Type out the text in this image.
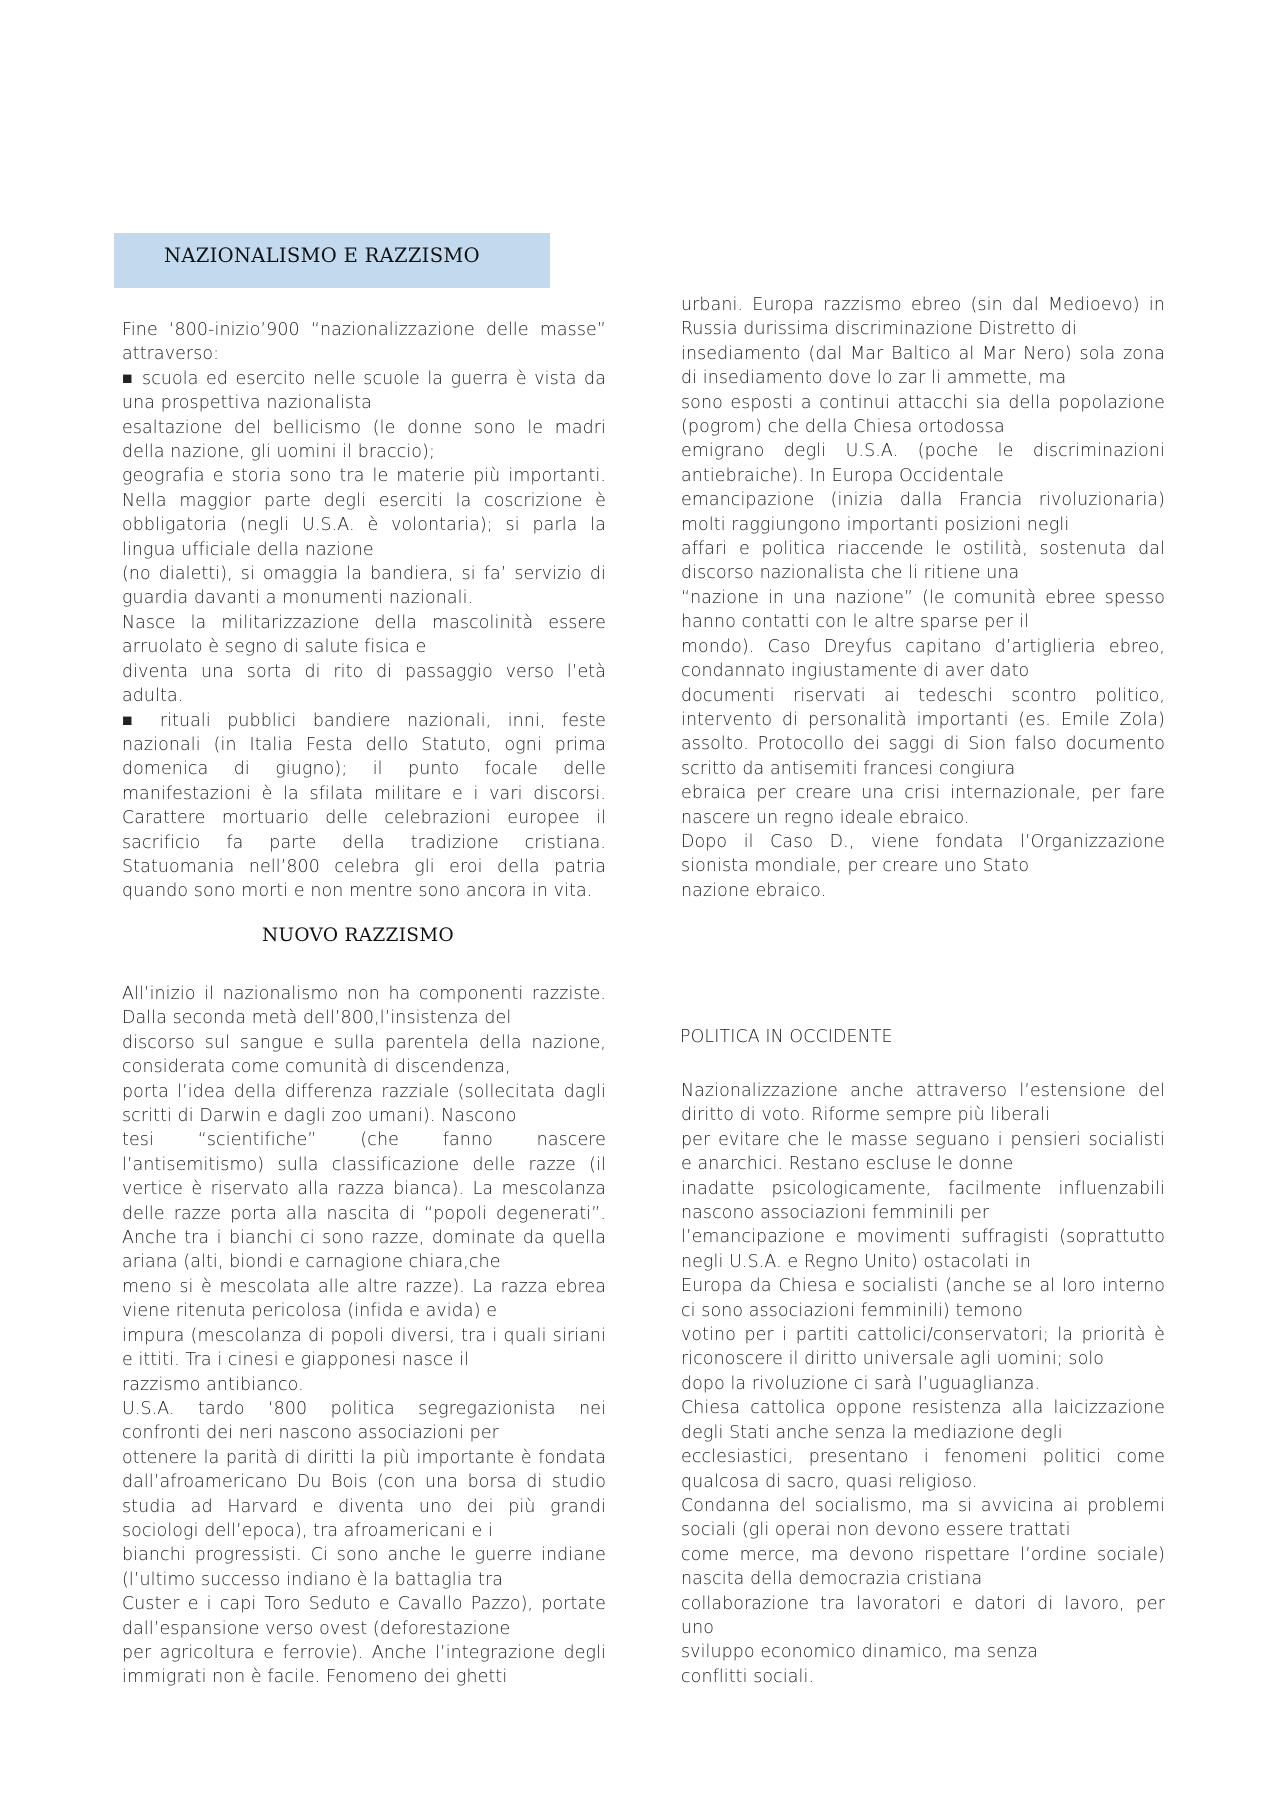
NAZIONALISMO E RAZZISMO

Fine ‘800-inizio’900 “nazionalizzazione delle masse”

attraverso:

■ scuola ed esercito nelle scuole la guerra è vista da

una prospettiva nazionalista

esaltazione del bellicismo (le donne sono le madri

della nazione, gli uomini il braccio);

geografia e storia sono tra le materie più importanti.

Nella maggior parte degli eserciti la coscrizione è

obbligatoria (negli U.S.A. è volontaria); si parla la

lingua ufficiale della nazione

(no dialetti), si omaggia la bandiera, si fa’ servizio di

guardia davanti a monumenti nazionali.

Nasce la militarizzazione della mascolinità essere

arruolato è segno di salute fisica e

diventa una sorta di rito di passaggio verso l’età

adulta.

■ rituali pubblici bandiere nazionali, inni, feste

nazionali (in Italia Festa dello Statuto, ogni prima

domenica di giugno); il punto focale delle

manifestazioni è la sfilata militare e i vari discorsi.

Carattere mortuario delle celebrazioni europee il

sacrificio fa parte della tradizione cristiana.

Statuomania nell’800 celebra gli eroi della patria

quando sono morti e non mentre sono ancora in vita.

NUOVO RAZZISMO

All’inizio il nazionalismo non ha componenti razziste.

Dalla seconda metà dell’800,l’insistenza del

discorso sul sangue e sulla parentela della nazione,

considerata come comunità di discendenza,

porta l’idea della differenza razziale (sollecitata dagli

scritti di Darwin e dagli zoo umani). Nascono

tesi “scientifiche” (che fanno nascere

l’antisemitismo) sulla classificazione delle razze (il

vertice è riservato alla razza bianca). La mescolanza

delle razze porta alla nascita di “popoli degenerati”.

Anche tra i bianchi ci sono razze, dominate da quella

ariana (alti, biondi e carnagione chiara,che

meno si è mescolata alle altre razze). La razza ebrea

viene ritenuta pericolosa (infida e avida) e

impura (mescolanza di popoli diversi, tra i quali siriani

e ittiti. Tra i cinesi e giapponesi nasce il

razzismo antibianco.

U.S.A. tardo ‘800 politica segregazionista nei

confronti dei neri nascono associazioni per

ottenere la parità di diritti la più importante è fondata

dall’afroamericano Du Bois (con una borsa di studio

studia ad Harvard e diventa uno dei più grandi

sociologi dell’epoca), tra afroamericani e i

bianchi progressisti. Ci sono anche le guerre indiane

(l’ultimo successo indiano è la battaglia tra

Custer e i capi Toro Seduto e Cavallo Pazzo), portate

dall’espansione verso ovest (deforestazione

per agricoltura e ferrovie). Anche l’integrazione degli

immigrati non è facile. Fenomeno dei ghetti

urbani. Europa razzismo ebreo (sin dal Medioevo) in

Russia durissima discriminazione Distretto di

insediamento (dal Mar Baltico al Mar Nero) sola zona

di insediamento dove lo zar li ammette, ma

sono esposti a continui attacchi sia della popolazione

(pogrom) che della Chiesa ortodossa

emigrano degli U.S.A. (poche le discriminazioni

antiebraiche). In Europa Occidentale

emancipazione (inizia dalla Francia rivoluzionaria)

molti raggiungono importanti posizioni negli

affari e politica riaccende le ostilità, sostenuta dal

discorso nazionalista che li ritiene una

“nazione in una nazione” (le comunità ebree spesso

hanno contatti con le altre sparse per il

mondo). Caso Dreyfus capitano d’artiglieria ebreo,

condannato ingiustamente di aver dato

documenti riservati ai tedeschi scontro politico,

intervento di personalità importanti (es. Emile Zola)

assolto. Protocollo dei saggi di Sion falso documento

scritto da antisemiti francesi congiura

ebraica per creare una crisi internazionale, per fare

nascere un regno ideale ebraico.

Dopo il Caso D., viene fondata l’Organizzazione

sionista mondiale, per creare uno Stato

nazione ebraico.

POLITICA IN OCCIDENTE

Nazionalizzazione anche attraverso l’estensione del

diritto di voto. Riforme sempre più liberali

per evitare che le masse seguano i pensieri socialisti

e anarchici. Restano escluse le donne

inadatte psicologicamente, facilmente influenzabili

nascono associazioni femminili per

l’emancipazione e movimenti suffragisti (soprattutto

negli U.S.A. e Regno Unito) ostacolati in

Europa da Chiesa e socialisti (anche se al loro interno

ci sono associazioni femminili) temono

votino per i partiti cattolici/conservatori; la priorità è

riconoscere il diritto universale agli uomini; solo

dopo la rivoluzione ci sarà l’uguaglianza.

Chiesa cattolica oppone resistenza alla laicizzazione

degli Stati anche senza la mediazione degli

ecclesiastici, presentano i fenomeni politici come

qualcosa di sacro, quasi religioso.

Condanna del socialismo, ma si avvicina ai problemi

sociali (gli operai non devono essere trattati

come merce, ma devono rispettare l’ordine sociale)

nascita della democrazia cristiana

collaborazione tra lavoratori e datori di lavoro, per uno

sviluppo economico dinamico, ma senza

conflitti sociali.
